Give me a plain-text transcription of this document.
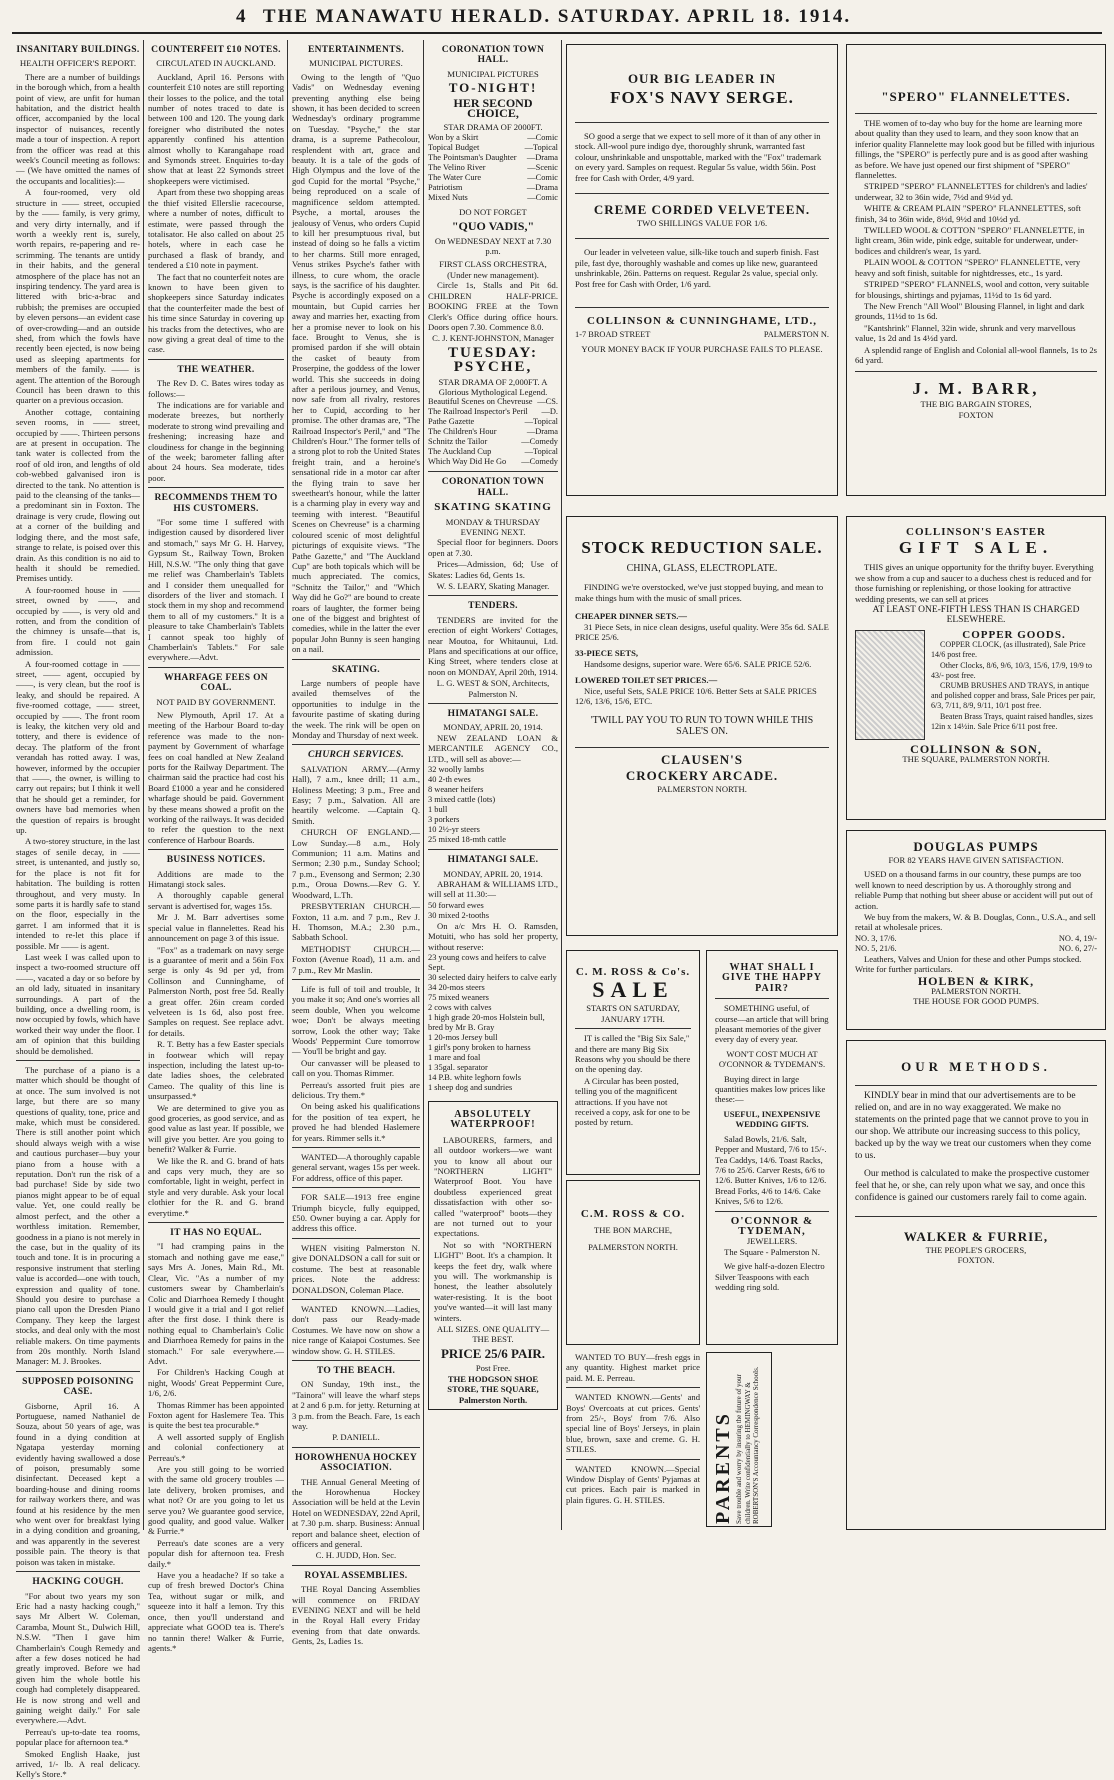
4 THE MANAWATU HERALD. SATURDAY. APRIL 18. 1914.
INSANITARY BUILDINGS.
HEALTH OFFICER'S REPORT.

There are a number of buildings in the borough which, from a health point of view, are unfit for human habitation, and the district health officer, accompanied by the local inspector of nuisances, recently made a tour of inspection. A report from the officer was read at this week's Council meeting as follows:— (We have omitted the names of the occupants and localities):—

A four-roomed, very old structure in —— street, occupied by the —— family, is very grimy, and very dirty internally, and if worth a weekly rent is, surely, worth repairs, re-papering and re-scrimming. The tenants are untidy in their habits, and the general atmosphere of the place has not an inspiring tendency. The yard area is littered with bric-a-brac and rubbish; the premises are occupied by eleven persons—an evident case of over-crowding—and an outside shed, from which the fowls have recently been ejected, is now being used as sleeping apartments for members of the family. —— is agent. The attention of the Borough Council has been drawn to this quarter on a previous occasion.

Another cottage, containing seven rooms, in —— street, occupied by ——. Thirteen persons are at present in occupation. The tank water is collected from the roof of old iron, and lengths of old cob-webbed galvanised iron is directed to the tank. No attention is paid to the cleansing of the tanks—a predominant sin in Foxton. The drainage is very crude, flowing out at a corner of the building and lodging there, and the most safe, strange to relate, is poised over this drain. As this condition is no aid to health it should be remedied. Premises untidy.

A four-roomed house in —— street, owned by ——, and occupied by ——, is very old and rotten, and from the condition of the chimney is unsafe—that is, from fire. I could not gain admission.

A four-roomed cottage in —— street, —— agent, occupied by ——, is very clean, but the roof is leaky, and should be repaired. A five-roomed cottage, —— street, occupied by ——. The front room is leaky, the kitchen very old and tottery, and there is evidence of decay. The platform of the front verandah has rotted away. I was, however, informed by the occupier that ——, the owner, is willing to carry out repairs; but I think it well that he should get a reminder, for owners have bad memories when the question of repairs is brought up.

A two-storey structure, in the last stages of senile decay, in —— street, is untenanted, and justly so, for the place is not fit for habitation. The building is rotten throughout, and very musty. In some parts it is hardly safe to stand on the floor, especially in the garret. I am informed that it is intended to re-let this place if possible. Mr —— is agent.

Last week I was called upon to inspect a two-roomed structure off ——, vacated a day or so before by an old lady, situated in insanitary surroundings. A part of the building, once a dwelling room, is now occupied by fowls, which have worked their way under the floor. I am of opinion that this building should be demolished.

The purchase of a piano is a matter which should be thought of at once. The sum involved is not large, but there are so many questions of quality, tone, price and make, which must be considered. There is still another point which should always weigh with a wise and cautious purchaser—buy your piano from a house with a reputation. Don't run the risk of a bad purchase! Side by side two pianos might appear to be of equal value. Yet, one could really be almost perfect, and the other a worthless imitation. Remember, goodness in a piano is not merely in the case, but in the quality of its touch and tone. It is in procuring a responsive instrument that sterling value is accorded—one with touch, expression and quality of tone. Should you desire to purchase a piano call upon the Dresden Piano Company. They keep the largest stocks, and deal only with the most reliable makers. On time payments from 20s monthly. North Island Manager: M. J. Brookes.

SUPPOSED POISONING CASE.

Gisborne, April 16. A Portuguese, named Nathaniel de Souza, about 50 years of age, was found in a dying condition at Ngatapa yesterday morning evidently having swallowed a dose of poison, presumably some disinfectant. Deceased kept a boarding-house and dining rooms for railway workers there, and was found at his residence by the men who went over for breakfast lying in a dying condition and groaning, and was apparently in the severest possible pain. The theory is that poison was taken in mistake.

HACKING COUGH.

"For about two years my son Eric had a nasty hacking cough," says Mr Albert W. Coleman, Caramba, Mount St., Dulwich Hill, N.S.W. "Then I gave him Chamberlain's Cough Remedy and after a few doses noticed he had greatly improved. Before we had given him the whole bottle his cough had completely disappeared. He is now strong and well and gaining weight daily." For sale everywhere.—Advt.

Perreau's up-to-date tea rooms, popular place for afternoon tea.*

Smoked English Haake, just arrived, 1/- lb. A real delicacy. Kelly's Store.*

COUNTERFEIT £10 NOTES.
CIRCULATED IN AUCKLAND.

Auckland, April 16. Persons with counterfeit £10 notes are still reporting their losses to the police, and the total number of notes traced to date is between 100 and 120. The young dark foreigner who distributed the notes apparently confined his attention almost wholly to Karangahape road and Symonds street. Enquiries to-day show that at least 22 Symonds street shopkeepers were victimised.

Apart from these two shopping areas the thief visited Ellerslie racecourse, where a number of notes, difficult to estimate, were passed through the totalisator. He also called on about 25 hotels, where in each case he purchased a flask of brandy, and tendered a £10 note in payment.

The fact that no counterfeit notes are known to have been given to shopkeepers since Saturday indicates that the counterfeiter made the best of his time since Saturday in covering up his tracks from the detectives, who are now giving a great deal of time to the case.

THE WEATHER.

The Rev D. C. Bates wires today as follows:—

The indications are for variable and moderate breezes, but northerly moderate to strong wind prevailing and freshening; increasing haze and cloudiness for change in the beginning of the week; barometer falling after about 24 hours. Sea moderate, tides poor.

RECOMMENDS THEM TO HIS CUSTOMERS.

"For some time I suffered with indigestion caused by disordered liver and stomach," says Mr G. H. Harvey, Gypsum St., Railway Town, Broken Hill, N.S.W. "The only thing that gave me relief was Chamberlain's Tablets and I consider them unequalled for disorders of the liver and stomach. I stock them in my shop and recommend them to all of my customers." It is a pleasure to take Chamberlain's Tablets I cannot speak too highly of Chamberlain's Tablets." For sale everywhere.—Advt.

WHARFAGE FEES ON COAL.
NOT PAID BY GOVERNMENT.

New Plymouth, April 17. At a meeting of the Harbour Board to-day reference was made to the non-payment by Government of wharfage fees on coal handled at New Zealand ports for the Railway Department. The chairman said the practice had cost his Board £1000 a year and he considered wharfage should be paid. Government by these means showed a profit on the working of the railways. It was decided to refer the question to the next conference of Harbour Boards.

BUSINESS NOTICES.

Additions are made to the Himatangi stock sales.

A thoroughly capable general servant is advertised for, wages 15s.

Mr J. M. Barr advertises some special value in flannelettes. Read his announcement on page 3 of this issue.

"Fox" as a trademark on navy serge is a guarantee of merit and a 56in Fox serge is only 4s 9d per yd, from Collinson and Cunninghame, of Palmerston North, post free 5d. Really a great offer. 26in cream corded velveteen is 1s 6d, also post free. Samples on request. See replace advt. for details.

R. T. Betty has a few Easter specials in footwear which will repay inspection, including the latest up-to-date ladies shoes, the celebrated Cameo. The quality of this line is unsurpassed.*

We are determined to give you as good groceries, as good service, and as good value as last year. If possible, we will give you better. Are you going to benefit? Walker & Furrie.

We like the R. and G. brand of hats and caps very much, they are so comfortable, light in weight, perfect in style and very durable. Ask your local clothier for the R. and G. brand everytime.*

IT HAS NO EQUAL.

"I had cramping pains in the stomach and nothing gave me ease," says Mrs A. Jones, Main Rd., Mt. Clear, Vic. "As a number of my customers swear by Chamberlain's Colic and Diarrhoea Remedy I thought I would give it a trial and I got relief after the first dose. I think there is nothing equal to Chamberlain's Colic and Diarrhoea Remedy for pains in the stomach." For sale everywhere.—Advt.

For Children's Hacking Cough at night, Woods' Great Peppermint Cure, 1/6, 2/6.

Thomas Rimmer has been appointed Foxton agent for Haslemere Tea. This is quite the best tea procurable.*

A well assorted supply of English and colonial confectionery at Perreau's.*

Are you still going to be worried with the same old grocery troubles —late delivery, broken promises, and what not? Or are you going to let us serve you? We guarantee good service, good quality, and good value. Walker & Furrie.*

Perreau's date scones are a very popular dish for afternoon tea. Fresh daily.*

Have you a headache? If so take a cup of fresh brewed Doctor's China Tea, without sugar or milk, and squeeze into it half a lemon. Try this once, then you'll understand and appreciate what GOOD tea is. There's no tannin there! Walker & Furrie, agents.*

ENTERTAINMENTS.
MUNICIPAL PICTURES.

Owing to the length of "Quo Vadis" on Wednesday evening preventing anything else being shown, it has been decided to screen Wednesday's ordinary programme on Tuesday. "Psyche," the star drama, is a supreme Pathecolour, resplendent with art, grace and beauty. It is a tale of the gods of High Olympus and the love of the god Cupid for the mortal "Psyche," being reproduced on a scale of magnificence seldom attempted. Psyche, a mortal, arouses the jealousy of Venus, who orders Cupid to kill her presumptuous rival, but instead of doing so he falls a victim to her charms. Still more enraged, Venus strikes Psyche's father with illness, to cure whom, the oracle says, is the sacrifice of his daughter. Psyche is accordingly exposed on a mountain, but Cupid carries her away and marries her, exacting from her a promise never to look on his face. Brought to Venus, she is promised pardon if she will obtain the casket of beauty from Proserpine, the goddess of the lower world. This she succeeds in doing after a perilous journey, and Venus, now safe from all rivalry, restores her to Cupid, according to her promise. The other dramas are, "The Railroad Inspector's Peril," and "The Children's Hour." The former tells of a strong plot to rob the United States freight train, and a heroine's sensational ride in a motor car after the flying train to save her sweetheart's honour, while the latter is a charming play in every way and teeming with interest. "Beautiful Scenes on Chevreuse" is a charming coloured scenic of most delightful picturings of exquisite views. "The Pathe Gazette," and "The Auckland Cup" are both topicals which will be much appreciated. The comics, "Schnitz the Tailor," and "Which Way did he Go?" are bound to create roars of laughter, the former being one of the biggest and brightest of comedies, while in the latter the ever popular John Bunny is seen hanging on a nail.

SKATING.

Large numbers of people have availed themselves of the opportunities to indulge in the favourite pastime of skating during the week. The rink will be open on Monday and Thursday of next week.

CHURCH SERVICES.

SALVATION ARMY.—(Army Hall), 7 a.m., knee drill; 11 a.m., Holiness Meeting; 3 p.m., Free and Easy; 7 p.m., Salvation. All are heartily welcome. —Captain Q. Smith.

CHURCH OF ENGLAND.—Low Sunday.—8 a.m., Holy Communion; 11 a.m. Matins and Sermon; 2.30 p.m., Sunday School; 7 p.m., Evensong and Sermon; 2.30 p.m., Oroua Downs.—Rev G. Y. Woodward, L.Th.

PRESBYTERIAN CHURCH.—Foxton, 11 a.m. and 7 p.m., Rev J. H. Thomson, M.A.; 2.30 p.m., Sabbath School.

METHODIST CHURCH.—Foxton (Avenue Road), 11 a.m. and 7 p.m., Rev Mr Maslin.

Life is full of toil and trouble, It you make it so; And one's worries all seem double, When you welcome woe; Don't be always meeting sorrow, Look the other way; Take Woods' Peppermint Cure tomorrow— You'll be bright and gay.

Our canvasser will be pleased to call on you. Thomas Rimmer.

Perreau's assorted fruit pies are delicious. Try them.*

On being asked his qualifications for the position of tea expert, he proved he had blended Haslemere for years. Rimmer sells it.*

WANTED—A thoroughly capable general servant, wages 15s per week. For address, office of this paper.

FOR SALE—1913 free engine Triumph bicycle, fully equipped, £50. Owner buying a car. Apply for address this office.

WHEN visiting Palmerston N. give DONALDSON a call for suit or costume. The best at reasonable prices. Note the address: DONALDSON, Coleman Place.

WANTED KNOWN.—Ladies, don't pass our Ready-made Costumes. We have now on show a nice range of Kaiapoi Costumes. See window show. G. H. STILES.

TO THE BEACH.

ON Sunday, 19th inst., the "Tainora" will leave the wharf steps at 2 and 6 p.m. for jetty. Returning at 3 p.m. from the Beach. Fare, 1s each way.

P. DANIELL.
HOROWHENUA HOCKEY ASSOCIATION.

THE Annual General Meeting of the Horowhenua Hockey Association will be held at the Levin Hotel on WEDNESDAY, 22nd April, at 7.30 p.m. sharp. Business: Annual report and balance sheet, election of officers and general.

C. H. JUDD, Hon. Sec.
ROYAL ASSEMBLIES.

THE Royal Dancing Assemblies will commence on FRIDAY EVENING NEXT and will be held in the Royal Hall every Friday evening from that date onwards. Gents, 2s, Ladies 1s.

CORONATION TOWN HALL.
MUNICIPAL PICTURES
TO-NIGHT!
HER SECOND CHOICE,
STAR DRAMA OF 2000FT.
Won by a Skirt	—Comic
Topical Budget	—Topical
The Pointsman's Daughter —Drama
The Velino River	—Scenic
The Water Cure	—Comic
Patriotism	—Drama
Mixed Nuts	—Comic
DO NOT FORGET
"QUO VADIS,"
On WEDNESDAY NEXT at 7.30 p.m.
FIRST CLASS ORCHESTRA, (Under new management).

Circle 1s, Stalls and Pit 6d. CHILDREN HALF-PRICE. BOOKING FREE at the Town Clerk's Office during office hours. Doors open 7.30. Commence 8.0.

C. J. KENT-JOHNSTON, Manager
TUESDAY:
PSYCHE,
STAR DRAMA OF 2,000FT. A Glorious Mythological Legend.
Beautiful Scenes on Chevreuse —CS.
The Railroad Inspector's Peril —D.
Pathe Gazette	—Topical
The Children's Hour	—Drama
Schnitz the Tailor	—Comedy
The Auckland Cup	—Topical
Which Way Did He Go —Comedy
CORONATION TOWN HALL.
SKATING SKATING
MONDAY & THURSDAY EVENING NEXT.

Special floor for beginners. Doors open at 7.30.

Prices—Admission, 6d; Use of Skates: Ladies 6d, Gents 1s.

W. S. LEARY, Skating Manager.
TENDERS.

TENDERS are invited for the erection of eight Workers' Cottages, near Moutoa, for Whitaunui, Ltd. Plans and specifications at our office, King Street, where tenders close at noon on MONDAY, April 20th, 1914.

L. G. WEST & SON, Architects, Palmerston N.
HIMATANGI SALE.
MONDAY, APRIL 20, 1914.

NEW ZEALAND LOAN & MERCANTILE AGENCY CO., LTD., will sell as above:—

32 woolly lambs
40 2-th ewes
8 weaner heifers
3 mixed cattle (lots)
1 bull
3 porkers
10 2½-yr steers
25 mixed 18-mth cattle
HIMATANGI SALE.
MONDAY, APRIL 20, 1914.

ABRAHAM & WILLIAMS LTD., will sell at 11.30:—

50 forward ewes
30 mixed 2-tooths

On a/c Mrs H. O. Ramsden, Motuiti, who has sold her property, without reserve:

23 young cows and heifers to calve Sept.
30 selected dairy heifers to calve early
34 20-mos steers
75 mixed weaners
2 cows with calves
1 high grade 20-mos Holstein bull, bred by Mr B. Gray
1 20-mos Jersey bull
1 girl's pony broken to harness
1 mare and foal
1 35gal. separator
14 P.B. white leghorn fowls
1 sheep dog and sundries
ABSOLUTELY WATERPROOF!

LABOURERS, farmers, and all outdoor workers—we want you to know all about our "NORTHERN LIGHT" Waterproof Boot. You have doubtless experienced great dissatisfaction with other so-called "waterproof" boots—they are not turned out to your expectations.

Not so with "NORTHERN LIGHT" Boot. It's a champion. It keeps the feet dry, walk where you will. The workmanship is honest, the leather absolutely water-resisting. It is the boot you've wanted—it will last many winters.

ALL SIZES. ONE QUALITY—THE BEST.
PRICE 25/6 PAIR.
Post Free.
THE HODGSON SHOE STORE, THE SQUARE, Palmerston North.
OUR BIG LEADER IN
FOX'S NAVY SERGE.

SO good a serge that we expect to sell more of it than of any other in stock. All-wool pure indigo dye, thoroughly shrunk, warranted fast colour, unshrinkable and unspottable, marked with the "Fox" trademark on every yard. Samples on request. Regular 5s value, width 56in. Post free for Cash with Order, 4/9 yard.

CREME CORDED VELVETEEN.
TWO SHILLINGS VALUE FOR 1/6.

Our leader in velveteen value, silk-like touch and superb finish. Fast pile, fast dye, thoroughly washable and comes up like new, guaranteed unshrinkable, 26in. Patterns on request. Regular 2s value, special only. Post free for Cash with Order, 1/6 yard.

COLLINSON & CUNNINGHAME, LTD.,
1-7 BROAD STREET	PALMERSTON N.
YOUR MONEY BACK IF YOUR PURCHASE FAILS TO PLEASE.
"SPERO" FLANNELETTES.

THE women of to-day who buy for the home are learning more about quality than they used to learn, and they soon know that an inferior quality Flannelette may look good but be filled with injurious fillings, the "SPERO" is perfectly pure and is as good after washing as before. We have just opened our first shipment of "SPERO" flannelettes.

STRIPED "SPERO" FLANNELETTES for children's and ladies' underwear, 32 to 36in wide, 7½d and 9½d yd.

WHITE & CREAM PLAIN "SPERO" FLANNELETTES, soft finish, 34 to 36in wide, 8½d, 9½d and 10½d yd.

TWILLED WOOL & COTTON "SPERO" FLANNELETTE, in light cream, 36in wide, pink edge, suitable for underwear, under-bodices and children's wear, 1s yard.

PLAIN WOOL & COTTON "SPERO" FLANNELETTE, very heavy and soft finish, suitable for nightdresses, etc., 1s yard.

STRIPED "SPERO" FLANNELS, wool and cotton, very suitable for blousings, shirtings and pyjamas, 11½d to 1s 6d yard.

The New French "All Wool" Blousing Flannel, in light and dark grounds, 11½d to 1s 6d.

"Kantshrink" Flannel, 32in wide, shrunk and very marvellous value, 1s 2d and 1s 4½d yard.

A splendid range of English and Colonial all-wool flannels, 1s to 2s 6d yard.

J. M. BARR,
THE BIG BARGAIN STORES,
FOXTON
STOCK REDUCTION SALE.
CHINA, GLASS, ELECTROPLATE.

FINDING we're overstocked, we've just stopped buying, and mean to make things hum with the music of small prices.

CHEAPER DINNER SETS.—

31 Piece Sets, in nice clean designs, useful quality. Were 35s 6d. SALE PRICE 25/6.

33-PIECE SETS,

Handsome designs, superior ware. Were 65/6. SALE PRICE 52/6.

LOWERED TOILET SET PRICES.—

Nice, useful Sets, SALE PRICE 10/6. Better Sets at SALE PRICES 12/6, 13/6, 15/6, ETC.

'TWILL PAY YOU TO RUN TO TOWN WHILE THIS SALE'S ON.
CLAUSEN'S
CROCKERY ARCADE.
PALMERSTON NORTH.
COLLINSON'S EASTER
GIFT SALE.

THIS gives an unique opportunity for the thrifty buyer. Everything we show from a cup and saucer to a duchess chest is reduced and for those furnishing or replenishing, or those looking for attractive wedding presents, we can sell at prices

AT LEAST ONE-FIFTH LESS THAN IS CHARGED ELSEWHERE.
COPPER GOODS.

COPPER CLOCK, (as illustrated), Sale Price 14/6 post free.

Other Clocks, 8/6, 9/6, 10/3, 15/6, 17/9, 19/9 to 43/- post free.

CRUMB BRUSHES AND TRAYS, in antique and polished copper and brass, Sale Prices per pair, 6/3, 7/11, 8/9, 9/11, 10/1 post free.

Beaten Brass Trays, quaint raised handles, sizes 12in x 14½in. Sale Price 6/11 post free.

COLLINSON & SON,
THE SQUARE, PALMERSTON NORTH.
WHAT SHALL I GIVE THE HAPPY PAIR?

SOMETHING useful, of course—an article that will bring pleasant memories of the giver every day of every year.

WON'T COST MUCH AT O'CONNOR & TYDEMAN'S.

Buying direct in large quantities makes low prices like these:—

USEFUL, INEXPENSIVE WEDDING GIFTS.

Salad Bowls, 21/6. Salt, Pepper and Mustard, 7/6 to 15/-. Tea Caddys, 14/6. Toast Racks, 7/6 to 25/6. Carver Rests, 6/6 to 12/6. Butter Knives, 1/6 to 12/6. Bread Forks, 4/6 to 14/6. Cake Knives, 5/6 to 12/6.

O'CONNOR & TYDEMAN,
JEWELLERS.
The Square - Palmerston N.

We give half-a-dozen Electro Silver Teaspoons with each wedding ring sold.

C. M. ROSS & Co's.
SALE
STARTS ON SATURDAY, JANUARY 17TH.

IT is called the "Big Six Sale," and there are many Big Six Reasons why you should be there on the opening day.

A Circular has been posted, telling you of the magnificent attractions. If you have not received a copy, ask for one to be posted by return.

C.M. ROSS & CO.
THE BON MARCHE,
PALMERSTON NORTH.
DOUGLAS PUMPS
FOR 82 YEARS HAVE GIVEN SATISFACTION.

USED on a thousand farms in our country, these pumps are too well known to need description by us. A thoroughly strong and reliable Pump that nothing but sheer abuse or accident will put out of action.

We buy from the makers, W. & B. Douglas, Conn., U.S.A., and sell retail at wholesale prices.

NO. 3, 17/6.	NO. 4, 19/-
NO. 5, 21/6.	NO. 6, 27/-

Leathers, Valves and Union for these and other Pumps stocked. Write for further particulars.

HOLBEN & KIRK,
PALMERSTON NORTH.
THE HOUSE FOR GOOD PUMPS.
OUR METHODS.

KINDLY bear in mind that our advertisements are to be relied on, and are in no way exaggerated. We make no statements on the printed page that we cannot prove to you in our shop. We attribute our increasing success to this policy, backed up by the way we treat our customers when they come to us.

Our method is calculated to make the prospective customer feel that he, or she, can rely upon what we say, and once this confidence is gained our customers rarely fail to come again.

WALKER & FURRIE,
THE PEOPLE'S GROCERS,
FOXTON.
PARENTS Save trouble and worry by insuring the future of your children. Write confidentially to HEMINGWAY & ROBERTSON'S Accountancy Correspondence Schools.

WANTED TO BUY—fresh eggs in any quantity. Highest market price paid. M. E. Perreau.

WANTED KNOWN.—Gents' and Boys' Overcoats at cut prices. Gents' from 25/-, Boys' from 7/6. Also special line of Boys' Jerseys, in plain blue, brown, saxe and creme. G. H. STILES.

WANTED KNOWN.—Special Window Display of Gents' Pyjamas at cut prices. Each pair is marked in plain figures. G. H. STILES.
